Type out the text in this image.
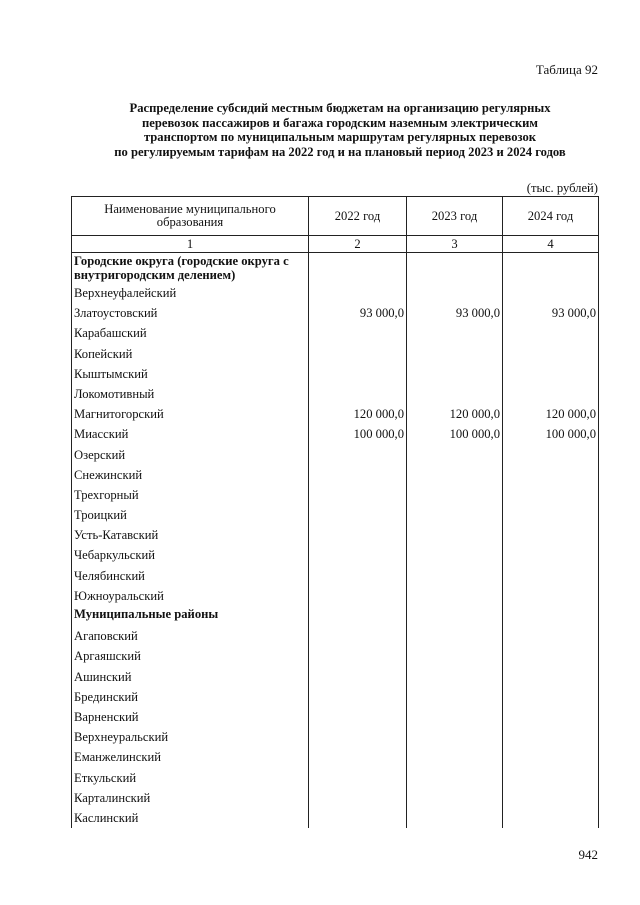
Таблица 92
Распределение субсидий местным бюджетам на организацию регулярных
перевозок пассажиров и багажа городским наземным электрическим
транспортом по муниципальным маршрутам регулярных перевозок
по регулируемым тарифам на 2022 год и на плановый период 2023 и 2024 годов
(тыс. рублей)
Наименование муниципального образования	2022 год	2023 год	2024 год
1	2	3	4
Городские округа (городские округа с внутригородским делением)			
Верхнеуфалейский			
Златоустовский	93 000,0	93 000,0	93 000,0
Карабашский			
Копейский			
Кыштымский			
Локомотивный			
Магнитогорский	120 000,0	120 000,0	120 000,0
Миасский	100 000,0	100 000,0	100 000,0
Озерский			
Снежинский			
Трехгорный			
Троицкий			
Усть-Катавский			
Чебаркульский			
Челябинский			
Южноуральский			
Муниципальные районы			
Агаповский			
Аргаяшский			
Ашинский			
Брединский			
Варненский			
Верхнеуральский			
Еманжелинский			
Еткульский			
Карталинский			
Каслинский			
942
